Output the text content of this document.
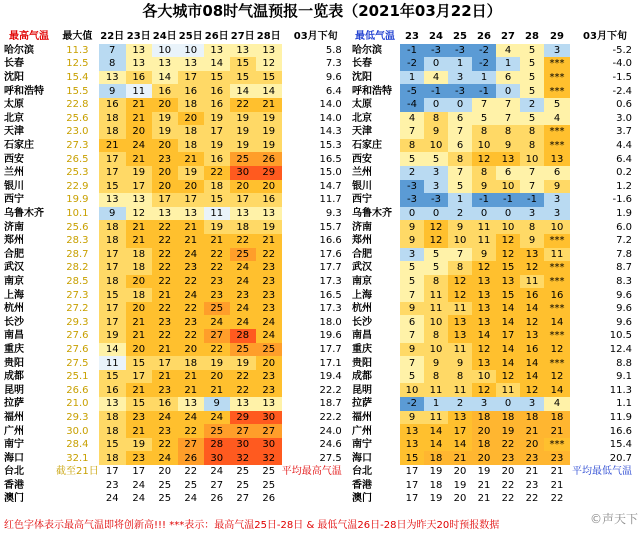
各大城市08时气温预报一览表（2021年03月22日）
最高气温	最大值	22日	23日	24日	25日	26日	27日	28日	03月下旬
哈尔滨	11.3	7	13	10	10	13	13	13	5.8
长春	12.5	8	13	13	13	14	15	12	7.3
沈阳	15.4	13	16	14	17	15	15	15	9.6
呼和浩特	15.5	9	11	16	16	16	14	14	6.4
太原	22.8	16	21	20	18	16	22	21	14.0
北京	25.6	18	21	19	20	19	19	19	14.0
天津	23.0	18	20	19	18	17	19	19	14.3
石家庄	27.3	21	24	20	18	19	19	19	15.3
西安	26.5	17	21	23	21	16	25	26	16.5
兰州	25.3	17	19	20	19	22	30	29	15.0
银川	22.9	15	17	20	20	18	20	20	14.7
西宁	19.9	13	13	17	17	15	17	16	11.7
乌鲁木齐	10.1	9	12	13	13	11	13	13	9.3
济南	25.6	18	21	22	21	19	18	19	15.7
郑州	28.3	18	21	22	21	21	22	21	16.6
合肥	28.7	17	18	22	24	22	25	22	17.6
武汉	28.2	17	18	22	23	22	24	23	17.7
南京	28.5	18	20	22	22	23	24	23	17.3
上海	27.3	15	18	21	24	23	23	23	16.5
杭州	27.2	17	20	22	22	25	24	23	17.3
长沙	29.3	17	21	23	23	24	24	24	18.0
南昌	27.6	19	21	22	22	27	28	24	19.6
重庆	27.6	14	20	21	20	22	25	25	17.7
贵阳	27.5	11	15	17	18	19	19	20	17.1
成都	25.1	15	17	21	21	20	22	23	19.4
昆明	26.6	16	21	23	21	21	22	23	22.2
拉萨	21.0	13	15	16	13	9	13	13	18.7
福州	29.3	18	23	24	24	24	29	30	22.2
广州	30.0	18	21	23	22	25	27	27	24.0
南宁	28.4	15	19	22	27	28	30	30	24.6
海口	32.1	18	23	24	26	30	32	32	27.5
台北	截至21日	17	17	20	22	24	25	25	平均最高气温
香港		23	24	25	25	27	25	25	
澳门		24	24	25	24	26	27	26	
最低气温	23	24	25	26	27	28	29	03月下旬
哈尔滨	-1	-3	-3	-2	4	5	3	-5.2
长春	-2	0	1	-2	1	5	***	-4.0
沈阳	1	4	3	1	6	5	***	-1.5
呼和浩特	-5	-1	-3	-1	0	5	***	-2.4
太原	-4	0	0	7	7	2	5	0.6
北京	4	8	6	5	7	5	4	3.0
天津	7	9	7	8	8	8	***	3.7
石家庄	8	10	6	10	9	8	***	4.4
西安	5	5	8	12	13	10	13	6.4
兰州	2	3	7	8	6	7	6	0.2
银川	-3	3	5	9	10	7	9	1.2
西宁	-3	-3	1	-1	-1	-1	3	-1.6
乌鲁木齐	0	0	2	0	0	3	3	1.9
济南	9	12	9	11	10	8	10	6.0
郑州	9	12	10	11	12	9	***	7.2
合肥	3	5	7	9	12	13	11	7.8
武汉	5	5	8	12	15	12	***	8.7
南京	5	8	12	13	13	11	***	8.3
上海	7	11	12	13	15	16	16	9.6
杭州	9	11	11	13	14	14	***	9.6
长沙	6	10	13	13	14	12	14	9.6
南昌	7	8	13	14	17	13	***	10.5
重庆	9	10	11	12	14	16	12	12.4
贵阳	7	9	9	13	14	14	***	8.8
成都	5	8	8	10	12	14	12	9.1
昆明	10	11	11	12	11	12	14	11.3
拉萨	-2	1	2	3	0	3	4	1.1
福州	9	11	13	18	18	18	18	11.9
广州	13	14	17	20	19	21	21	16.6
南宁	13	14	14	18	22	20	***	15.4
海口	15	18	21	20	23	23	23	20.7
台北	17	19	20	19	20	21	21	平均最低气温
香港	17	18	19	21	22	23	21	
澳门	17	19	20	21	22	22	22	
红色字体表示最高气温即将创新高!!! ***表示：最高气温25日-28日 & 最低气温26日-28日为昨天20时预报数据	©声天下
